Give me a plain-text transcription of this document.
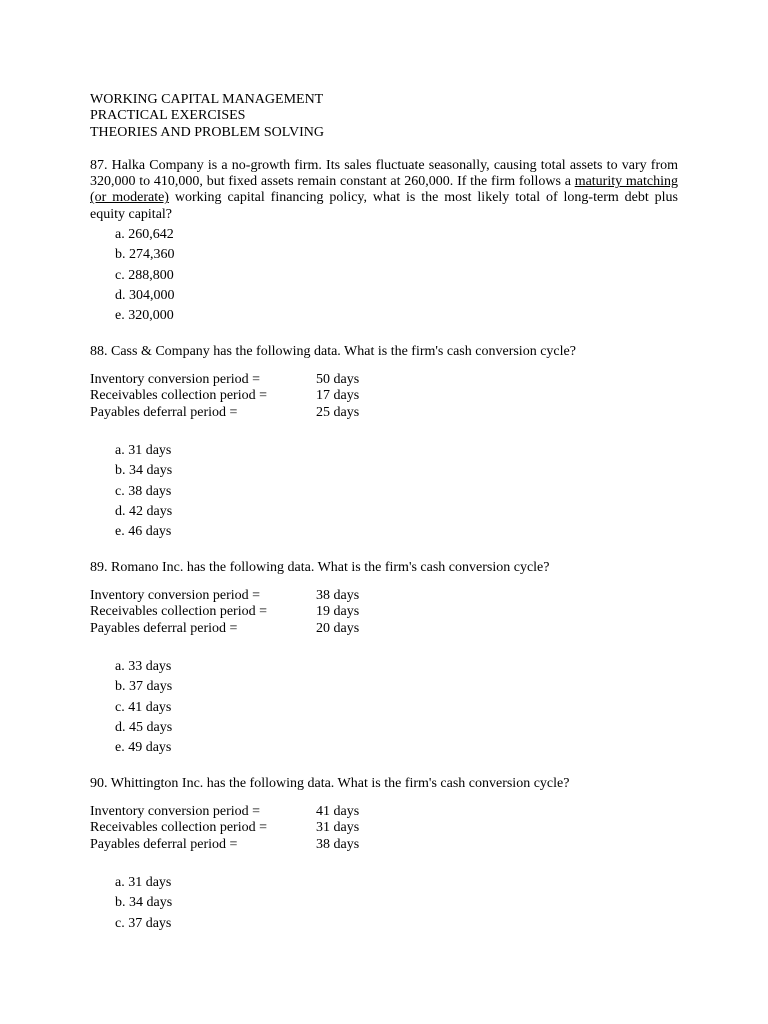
WORKING CAPITAL MANAGEMENT
PRACTICAL EXERCISES
THEORIES AND PROBLEM SOLVING
87. Halka Company is a no-growth firm. Its sales fluctuate seasonally, causing total assets to vary from 320,000 to 410,000, but fixed assets remain constant at 260,000. If the firm follows a maturity matching (or moderate) working capital financing policy, what is the most likely total of long-term debt plus equity capital?
a. 260,642
b. 274,360
c. 288,800
d. 304,000
e. 320,000
88. Cass & Company has the following data. What is the firm's cash conversion cycle?
Inventory conversion period =	50 days
Receivables collection period =	17 days
Payables deferral period =	25 days
a. 31 days
b. 34 days
c. 38 days
d. 42 days
e. 46 days
89. Romano Inc. has the following data. What is the firm's cash conversion cycle?
Inventory conversion period =	38 days
Receivables collection period =	19 days
Payables deferral period =	20 days
a. 33 days
b. 37 days
c. 41 days
d. 45 days
e. 49 days
90. Whittington Inc. has the following data. What is the firm's cash conversion cycle?
Inventory conversion period =	41 days
Receivables collection period =	31 days
Payables deferral period =	38 days
a. 31 days
b. 34 days
c. 37 days
